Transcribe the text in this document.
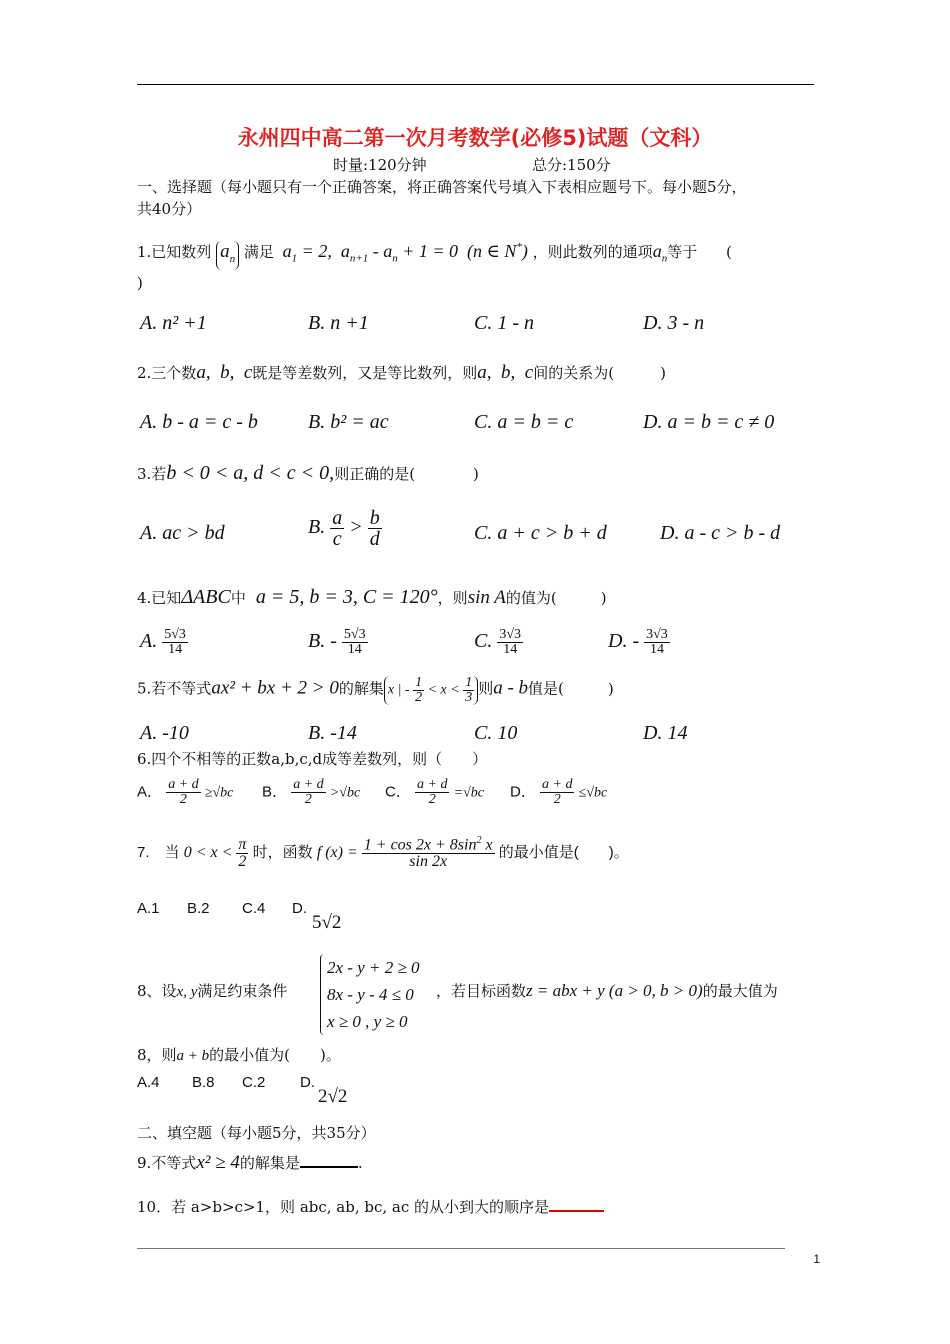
永州四中高二第一次月考数学(必修5)试题（文科）
时量:120分钟	总分:150分
一、选择题（每小题只有一个正确答案，将正确答案代号填入下表相应题号下。每小题5分，
共40分）
1.已知数列 $a_n$ 满足 $a_1 = 2$,  $a_{n+1} - a_n + 1 = 0$  (n ∈ N*) ，则此数列的通项$a_n$等于 (
)
A. n² +1	B. n +1	C. 1 - n	D. 3 - n
2.三个数a,  b,  c既是等差数列，又是等比数列，则a,  b,  c间的关系为(	)
A. b - a = c - b	B. b² = ac	C. a = b = c	D. a = b = c ≠ 0
3.若b < 0 < a, d < c < 0,则正确的是(	)
A. ac > bd	B. $\frac{a}{c} > \frac{b}{d}$	C. a + c > b + d	D. a - c > b - d
4.已知ΔABC中 a = 5, b = 3, C = 120°，则sin A的值为(	)
A. $\frac{5√3}{14}$	B. - $\frac{5√3}{14}$	C. $\frac{3√3}{14}$	D. - $\frac{3√3}{14}$
5.若不等式ax² + bx + 2 > 0的解集 x | - $\frac{1}{2} < x < \frac{1}{3}$ 则a - b值是(	)
A. -10	B. -14	C. 10	D. 14
6.四个不相等的正数a,b,c,d成等差数列，则（　　）
A． $\frac{a + d}{2} \ge√bc$ B． $\frac{a + d}{2} >√bc$ C． $\frac{a + d}{2} =√bc$ D． $\frac{a + d}{2} \le√bc$
7.　当 $0 < x < \frac{\pi}{2}$ 时，函数 f $(x) = \frac{1 + \cos 2x + 8\sin^2 x}{\sin 2x}$ 的最小值是(　　)。
A.1 B.2 C.4 D.
5√2
8、设x, y满足约束条件
2x - y + 2 ≥ 0
8x - y - 4 ≤ 0
x ≥ 0 , y ≥ 0
，若目标函数z = abx + y (a > 0, b > 0)的最大值为
8，则a + b的最小值为(　　)。
A.4 B.8 C.2 D.
2√2
二、填空题（每小题5分，共35分）
9.不等式x² ≥ 4的解集是	.
10．若 a>b>c>1，则 abc, ab, bc, ac 的从小到大的顺序是
1
